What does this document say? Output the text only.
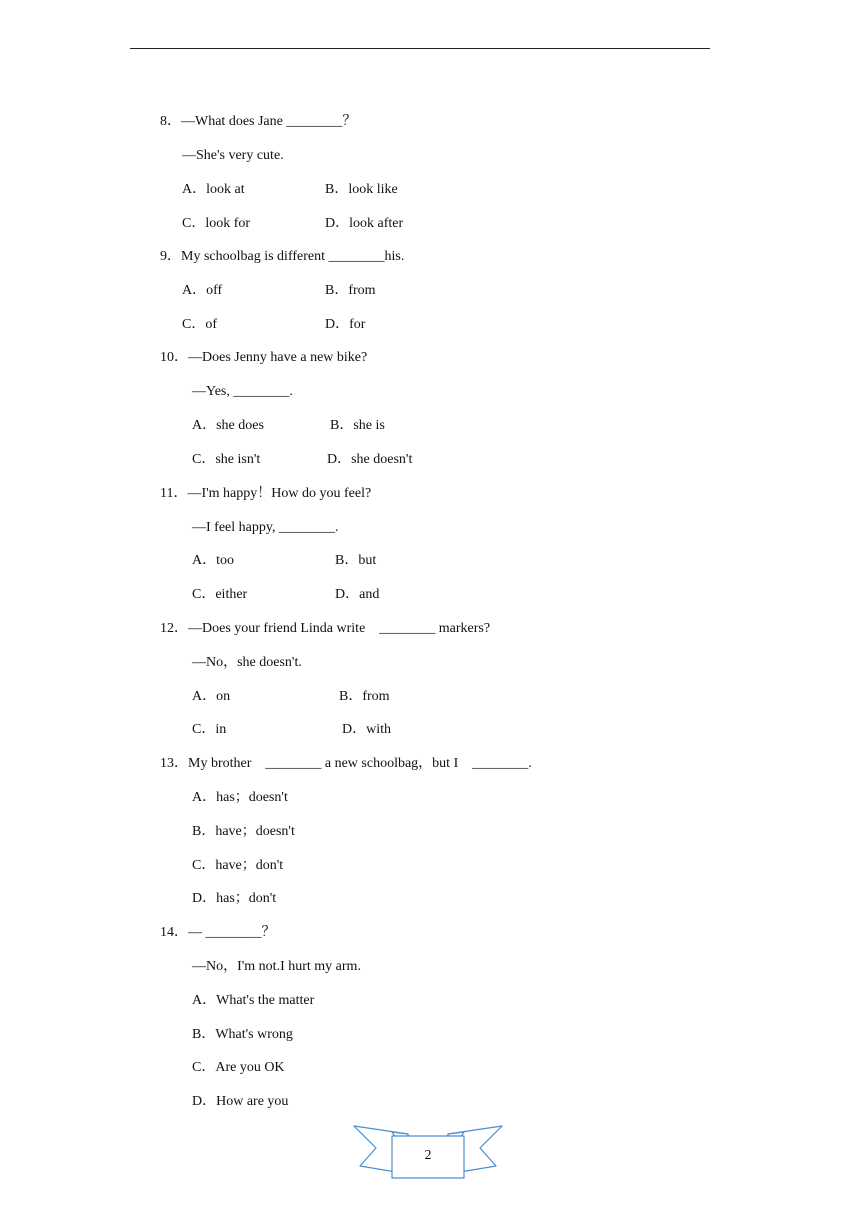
8．—What does Jane ________？
—She's very cute.
A．look at	B．look like
C．look for	D．look after
9．My schoolbag is different ________his.
A．off	B．from
C．of	D．for
10．—Does Jenny have a new bike?
—Yes, ________.
A．she does	B．she is
C．she isn't	D．she doesn't
11．—I'm happy！How do you feel?
—I feel happy, ________.
A．too	B．but
C．either	D．and
12．—Does your friend Linda write    ________ markers?
—No，she doesn't.
A．on	B．from
C．in	D．with
13．My brother    ________ a new schoolbag，but I    ________.
A．has；doesn't
B．have；doesn't
C．have；don't
D．has；don't
14．— ________？
—No，I'm not.I hurt my arm.
A．What's the matter
B．What's wrong
C．Are you OK
D．How are you
2
